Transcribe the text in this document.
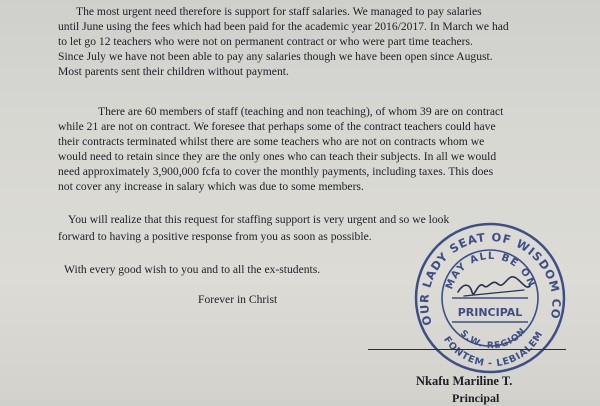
The most urgent need therefore is support for staff salaries. We managed to pay salaries
until June using the fees which had been paid for the academic year 2016/2017. In March we had
to let go 12 teachers who were not on permanent contract or who were part time teachers.
Since July we have not been able to pay any salaries though we have been open since August.
Most parents sent their children without payment.
There are 60 members of staff (teaching and non teaching), of whom 39 are on contract
while 21 are not on contract. We foresee that perhaps some of the contract teachers could have
their contracts terminated whilst there are some teachers who are not on contracts whom we
would need to retain since they are the only ones who can teach their subjects. In all we would
need approximately 3,900,000 fcfa to cover the monthly payments, including taxes. This does
not cover any increase in salary which was due to some members.
You will realize that this request for staffing support is very urgent and so we look
forward to having a positive response from you as soon as possible.
With every good wish to you and to all the ex-students.
Forever in Christ
OUR LADY SEAT OF WISDOM CO
MAY ALL BE ON
PRINCIPAL
S.W. REGION
FONTEM - LEBIALEM
Nkafu Mariline T.
Principal
